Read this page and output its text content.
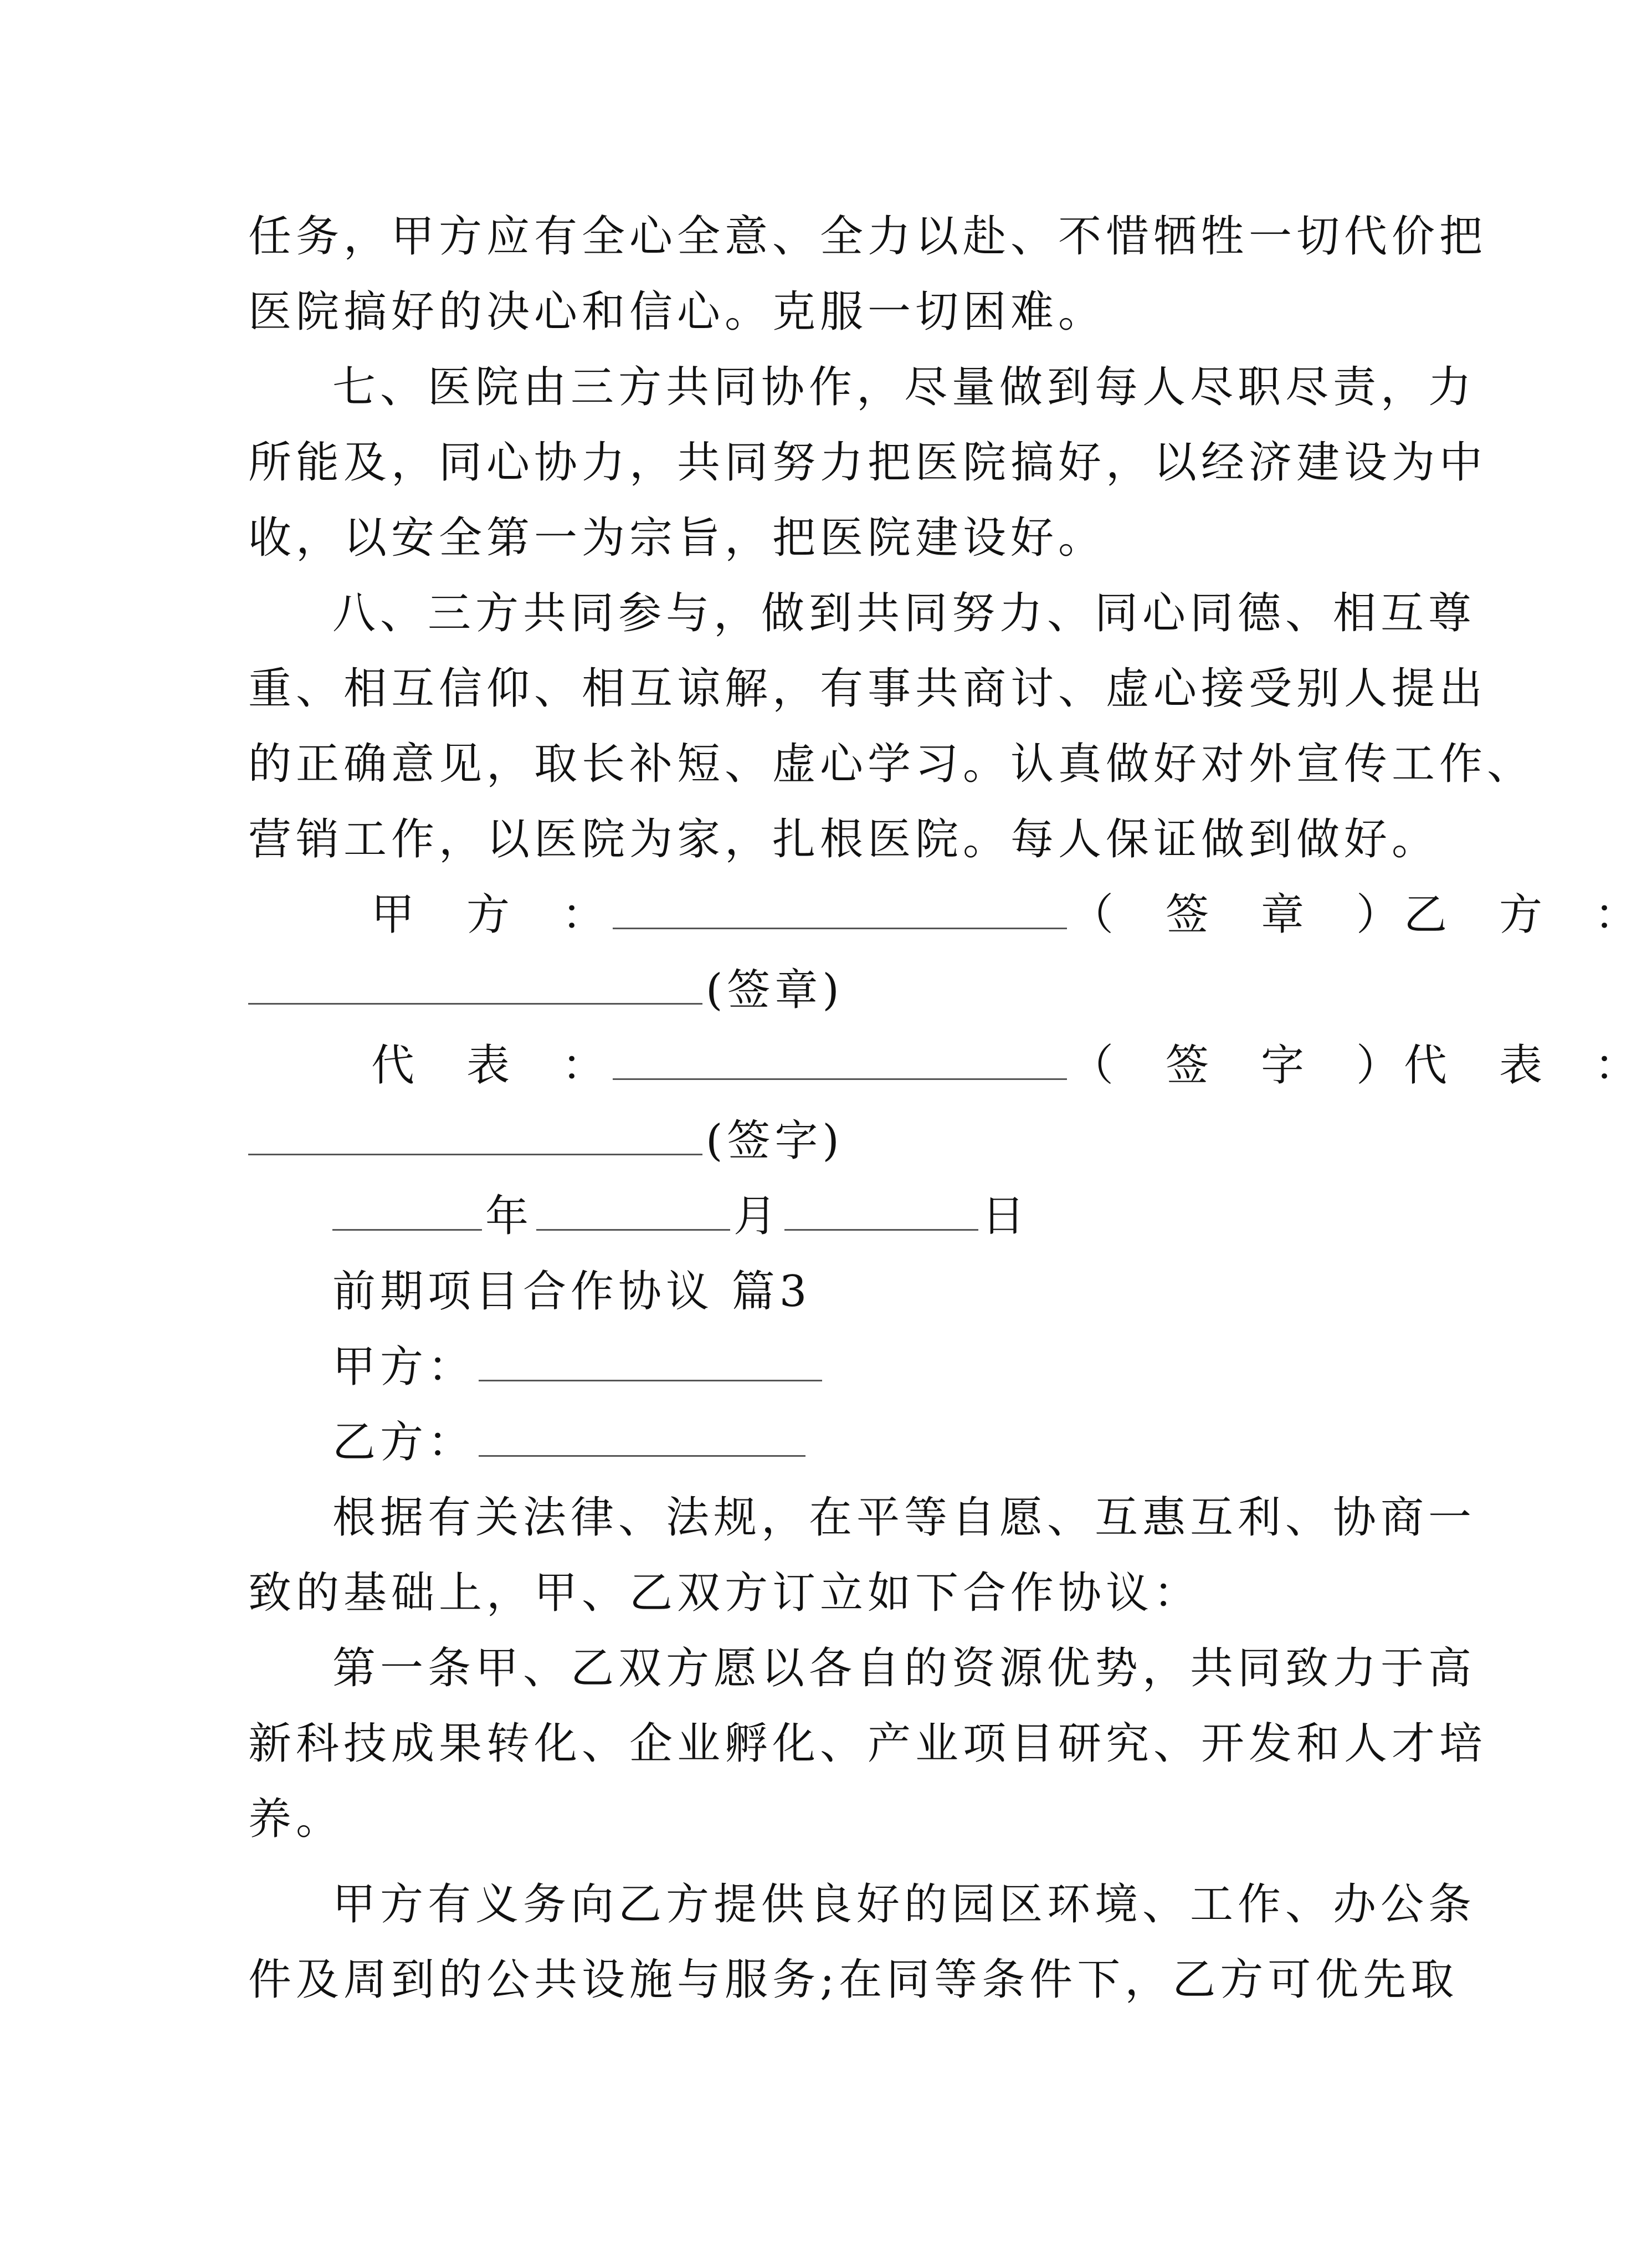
任务，甲方应有全心全意、全力以赴、不惜牺牲一切代价把
医院搞好的决心和信心。克服一切困难。
七、医院由三方共同协作，尽量做到每人尽职尽责，力
所能及，同心协力，共同努力把医院搞好，以经济建设为中
收，以安全第一为宗旨，把医院建设好。
八、三方共同参与，做到共同努力、同心同德、相互尊
重、相互信仰、相互谅解，有事共商讨、虚心接受别人提出
的正确意见，取长补短、虚心学习。认真做好对外宣传工作、
营销工作，以医院为家，扎根医院。每人保证做到做好。
甲　方　：	（　签　章　）乙　方　：
(签章)
代　表　：	（　签　字　）代　表　：
(签字)
年	月	日
前期项目合作协议 篇3
甲方：
乙方：
根据有关法律、法规，在平等自愿、互惠互利、协商一
致的基础上，甲、乙双方订立如下合作协议：
第一条甲、乙双方愿以各自的资源优势，共同致力于高
新科技成果转化、企业孵化、产业项目研究、开发和人才培
养。
甲方有义务向乙方提供良好的园区环境、工作、办公条
件及周到的公共设施与服务;在同等条件下，乙方可优先取
